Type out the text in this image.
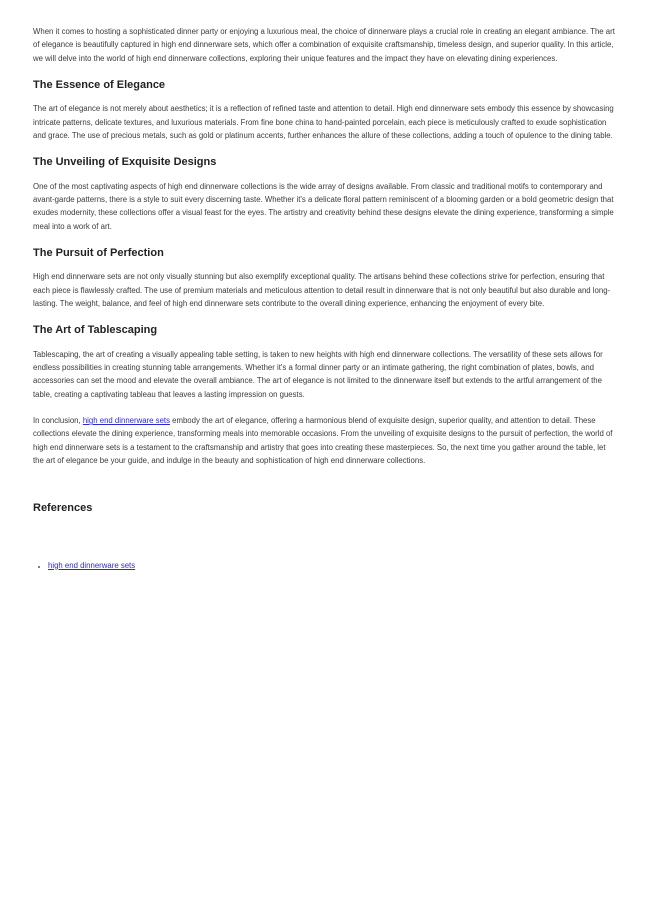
When it comes to hosting a sophisticated dinner party or enjoying a luxurious meal, the choice of dinnerware plays a crucial role in creating an elegant ambiance. The art of elegance is beautifully captured in high end dinnerware sets, which offer a combination of exquisite craftsmanship, timeless design, and superior quality. In this article, we will delve into the world of high end dinnerware collections, exploring their unique features and the impact they have on elevating dining experiences.

The Essence of Elegance

The art of elegance is not merely about aesthetics; it is a reflection of refined taste and attention to detail. High end dinnerware sets embody this essence by showcasing intricate patterns, delicate textures, and luxurious materials. From fine bone china to hand-painted porcelain, each piece is meticulously crafted to exude sophistication and grace. The use of precious metals, such as gold or platinum accents, further enhances the allure of these collections, adding a touch of opulence to the dining table.

The Unveiling of Exquisite Designs

One of the most captivating aspects of high end dinnerware collections is the wide array of designs available. From classic and traditional motifs to contemporary and avant-garde patterns, there is a style to suit every discerning taste. Whether it's a delicate floral pattern reminiscent of a blooming garden or a bold geometric design that exudes modernity, these collections offer a visual feast for the eyes. The artistry and creativity behind these designs elevate the dining experience, transforming a simple meal into a work of art.

The Pursuit of Perfection

High end dinnerware sets are not only visually stunning but also exemplify exceptional quality. The artisans behind these collections strive for perfection, ensuring that each piece is flawlessly crafted. The use of premium materials and meticulous attention to detail result in dinnerware that is not only beautiful but also durable and long-lasting. The weight, balance, and feel of high end dinnerware sets contribute to the overall dining experience, enhancing the enjoyment of every bite.

The Art of Tablescaping

Tablescaping, the art of creating a visually appealing table setting, is taken to new heights with high end dinnerware collections. The versatility of these sets allows for endless possibilities in creating stunning table arrangements. Whether it's a formal dinner party or an intimate gathering, the right combination of plates, bowls, and accessories can set the mood and elevate the overall ambiance. The art of elegance is not limited to the dinnerware itself but extends to the artful arrangement of the table, creating a captivating tableau that leaves a lasting impression on guests.

In conclusion, high end dinnerware sets embody the art of elegance, offering a harmonious blend of exquisite design, superior quality, and attention to detail. These collections elevate the dining experience, transforming meals into memorable occasions. From the unveiling of exquisite designs to the pursuit of perfection, the world of high end dinnerware sets is a testament to the craftsmanship and artistry that goes into creating these masterpieces. So, the next time you gather around the table, let the art of elegance be your guide, and indulge in the beauty and sophistication of high end dinnerware collections.

References
• high end dinnerware sets
